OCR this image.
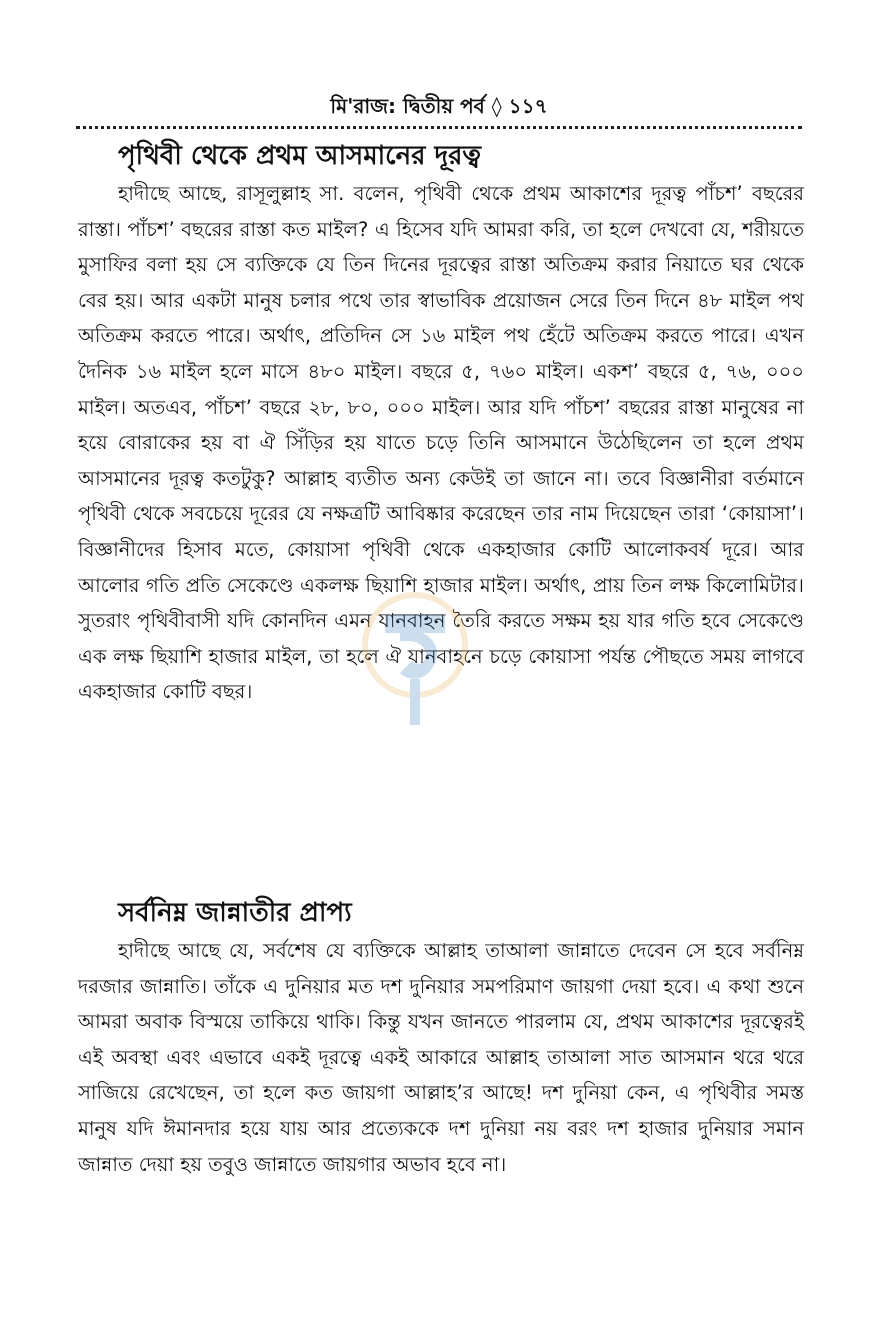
মি'রাজ: দ্বিতীয় পর্ব ◊ ১১৭
পৃথিবী থেকে প্রথম আসমানের দূরত্ব

হাদীছে আছে, রাসূলুল্লাহ সা. বলেন, পৃথিবী থেকে প্রথম আকাশের দূরত্ব পাঁচশ’ বছরের রাস্তা। পাঁচশ’ বছরের রাস্তা কত মাইল? এ হিসেব যদি আমরা করি, তা হলে দেখবো যে, শরীয়তে মুসাফির বলা হয় সে ব্যক্তিকে যে তিন দিনের দূরত্বের রাস্তা অতিক্রম করার নিয়াতে ঘর থেকে বের হয়। আর একটা মানুষ চলার পথে তার স্বাভাবিক প্রয়োজন সেরে তিন দিনে ৪৮ মাইল পথ অতিক্রম করতে পারে। অর্থাৎ, প্রতিদিন সে ১৬ মাইল পথ হেঁটে অতিক্রম করতে পারে। এখন দৈনিক ১৬ মাইল হলে মাসে ৪৮০ মাইল। বছরে ৫, ৭৬০ মাইল। একশ’ বছরে ৫, ৭৬, ০০০ মাইল। অতএব, পাঁচশ’ বছরে ২৮, ৮০, ০০০ মাইল। আর যদি পাঁচশ’ বছরের রাস্তা মানুষের না হয়ে বোরাকের হয় বা ঐ সিঁড়ির হয় যাতে চড়ে তিনি আসমানে উঠেছিলেন তা হলে প্রথম আসমানের দূরত্ব কতটুকু? আল্লাহ ব্যতীত অন্য কেউই তা জানে না। তবে বিজ্ঞানীরা বর্তমানে পৃথিবী থেকে সবচেয়ে দূরের যে নক্ষত্রটি আবিষ্কার করেছেন তার নাম দিয়েছেন তারা ‘কোয়াসা’। বিজ্ঞানীদের হিসাব মতে, কোয়াসা পৃথিবী থেকে একহাজার কোটি আলোকবর্ষ দূরে। আর আলোর গতি প্রতি সেকেণ্ডে একলক্ষ ছিয়াশি হাজার মাইল। অর্থাৎ, প্রায় তিন লক্ষ কিলোমিটার। সুতরাং পৃথিবীবাসী যদি কোনদিন এমন যানবাহন তৈরি করতে সক্ষম হয় যার গতি হবে সেকেণ্ডে এক লক্ষ ছিয়াশি হাজার মাইল, তা হলে ঐ যানবাহনে চড়ে কোয়াসা পর্যন্ত পৌছতে সময় লাগবে একহাজার কোটি বছর।

সর্বনিম্ন জান্নাতীর প্রাপ্য

হাদীছে আছে যে, সর্বশেষ যে ব্যক্তিকে আল্লাহ তাআলা জান্নাতে দেবেন সে হবে সর্বনিম্ন দরজার জান্নাতি। তাঁকে এ দুনিয়ার মত দশ দুনিয়ার সমপরিমাণ জায়গা দেয়া হবে। এ কথা শুনে আমরা অবাক বিস্ময়ে তাকিয়ে থাকি। কিন্তু যখন জানতে পারলাম যে, প্রথম আকাশের দূরত্বেরই এই অবস্থা এবং এভাবে একই দূরত্বে একই আকারে আল্লাহ তাআলা সাত আসমান থরে থরে সাজিয়ে রেখেছেন, তা হলে কত জায়গা আল্লাহ’র আছে! দশ দুনিয়া কেন, এ পৃথিবীর সমস্ত মানুষ যদি ঈমানদার হয়ে যায় আর প্রত্যেককে দশ দুনিয়া নয় বরং দশ হাজার দুনিয়ার সমান জান্নাত দেয়া হয় তবুও জান্নাতে জায়গার অভাব হবে না।
